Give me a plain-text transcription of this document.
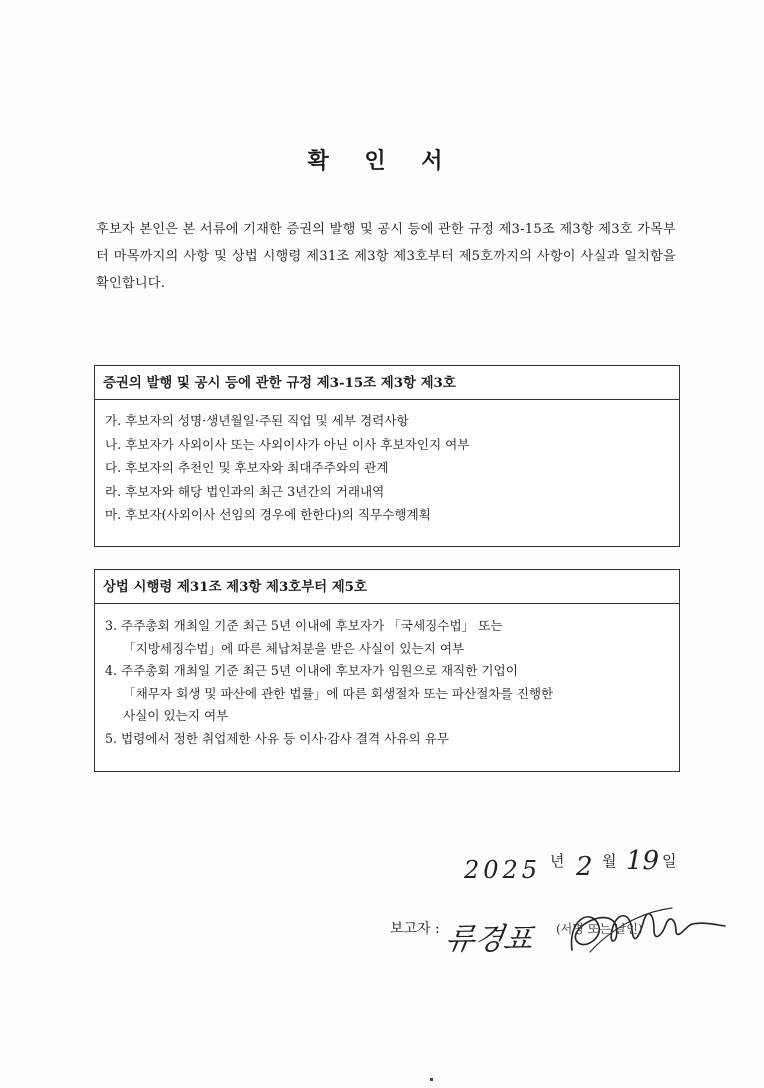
확 인 서
후보자 본인은 본 서류에 기재한 증권의 발행 및 공시 등에 관한 규정 제3-15조 제3항 제3호 가목부터 마목까지의 사항 및 상법 시행령 제31조 제3항 제3호부터 제5호까지의 사항이 사실과 일치함을 확인합니다.
증권의 발행 및 공시 등에 관한 규정 제3-15조 제3항 제3호
가. 후보자의 성명·생년월일·주된 직업 및 세부 경력사항
나. 후보자가 사외이사 또는 사외이사가 아닌 이사 후보자인지 여부
다. 후보자의 추천인 및 후보자와 최대주주와의 관계
라. 후보자와 해당 법인과의 최근 3년간의 거래내역
마. 후보자(사외이사 선임의 경우에 한한다)의 직무수행계획
상법 시행령 제31조 제3항 제3호부터 제5호
3. 주주총회 개최일 기준 최근 5년 이내에 후보자가 「국세징수법」 또는
「지방세징수법」에 따른 체납처분을 받은 사실이 있는지 여부
4. 주주총회 개최일 기준 최근 5년 이내에 후보자가 임원으로 재직한 기업이
「채무자 회생 및 파산에 관한 법률」에 따른 회생절차 또는 파산절차를 진행한
사실이 있는지 여부
5. 법령에서 정한 취업제한 사유 등 이사·감사 결격 사유의 유무
2025 년 2 월 19 일
보고자 : 류경표 (서명 또는 날인)
